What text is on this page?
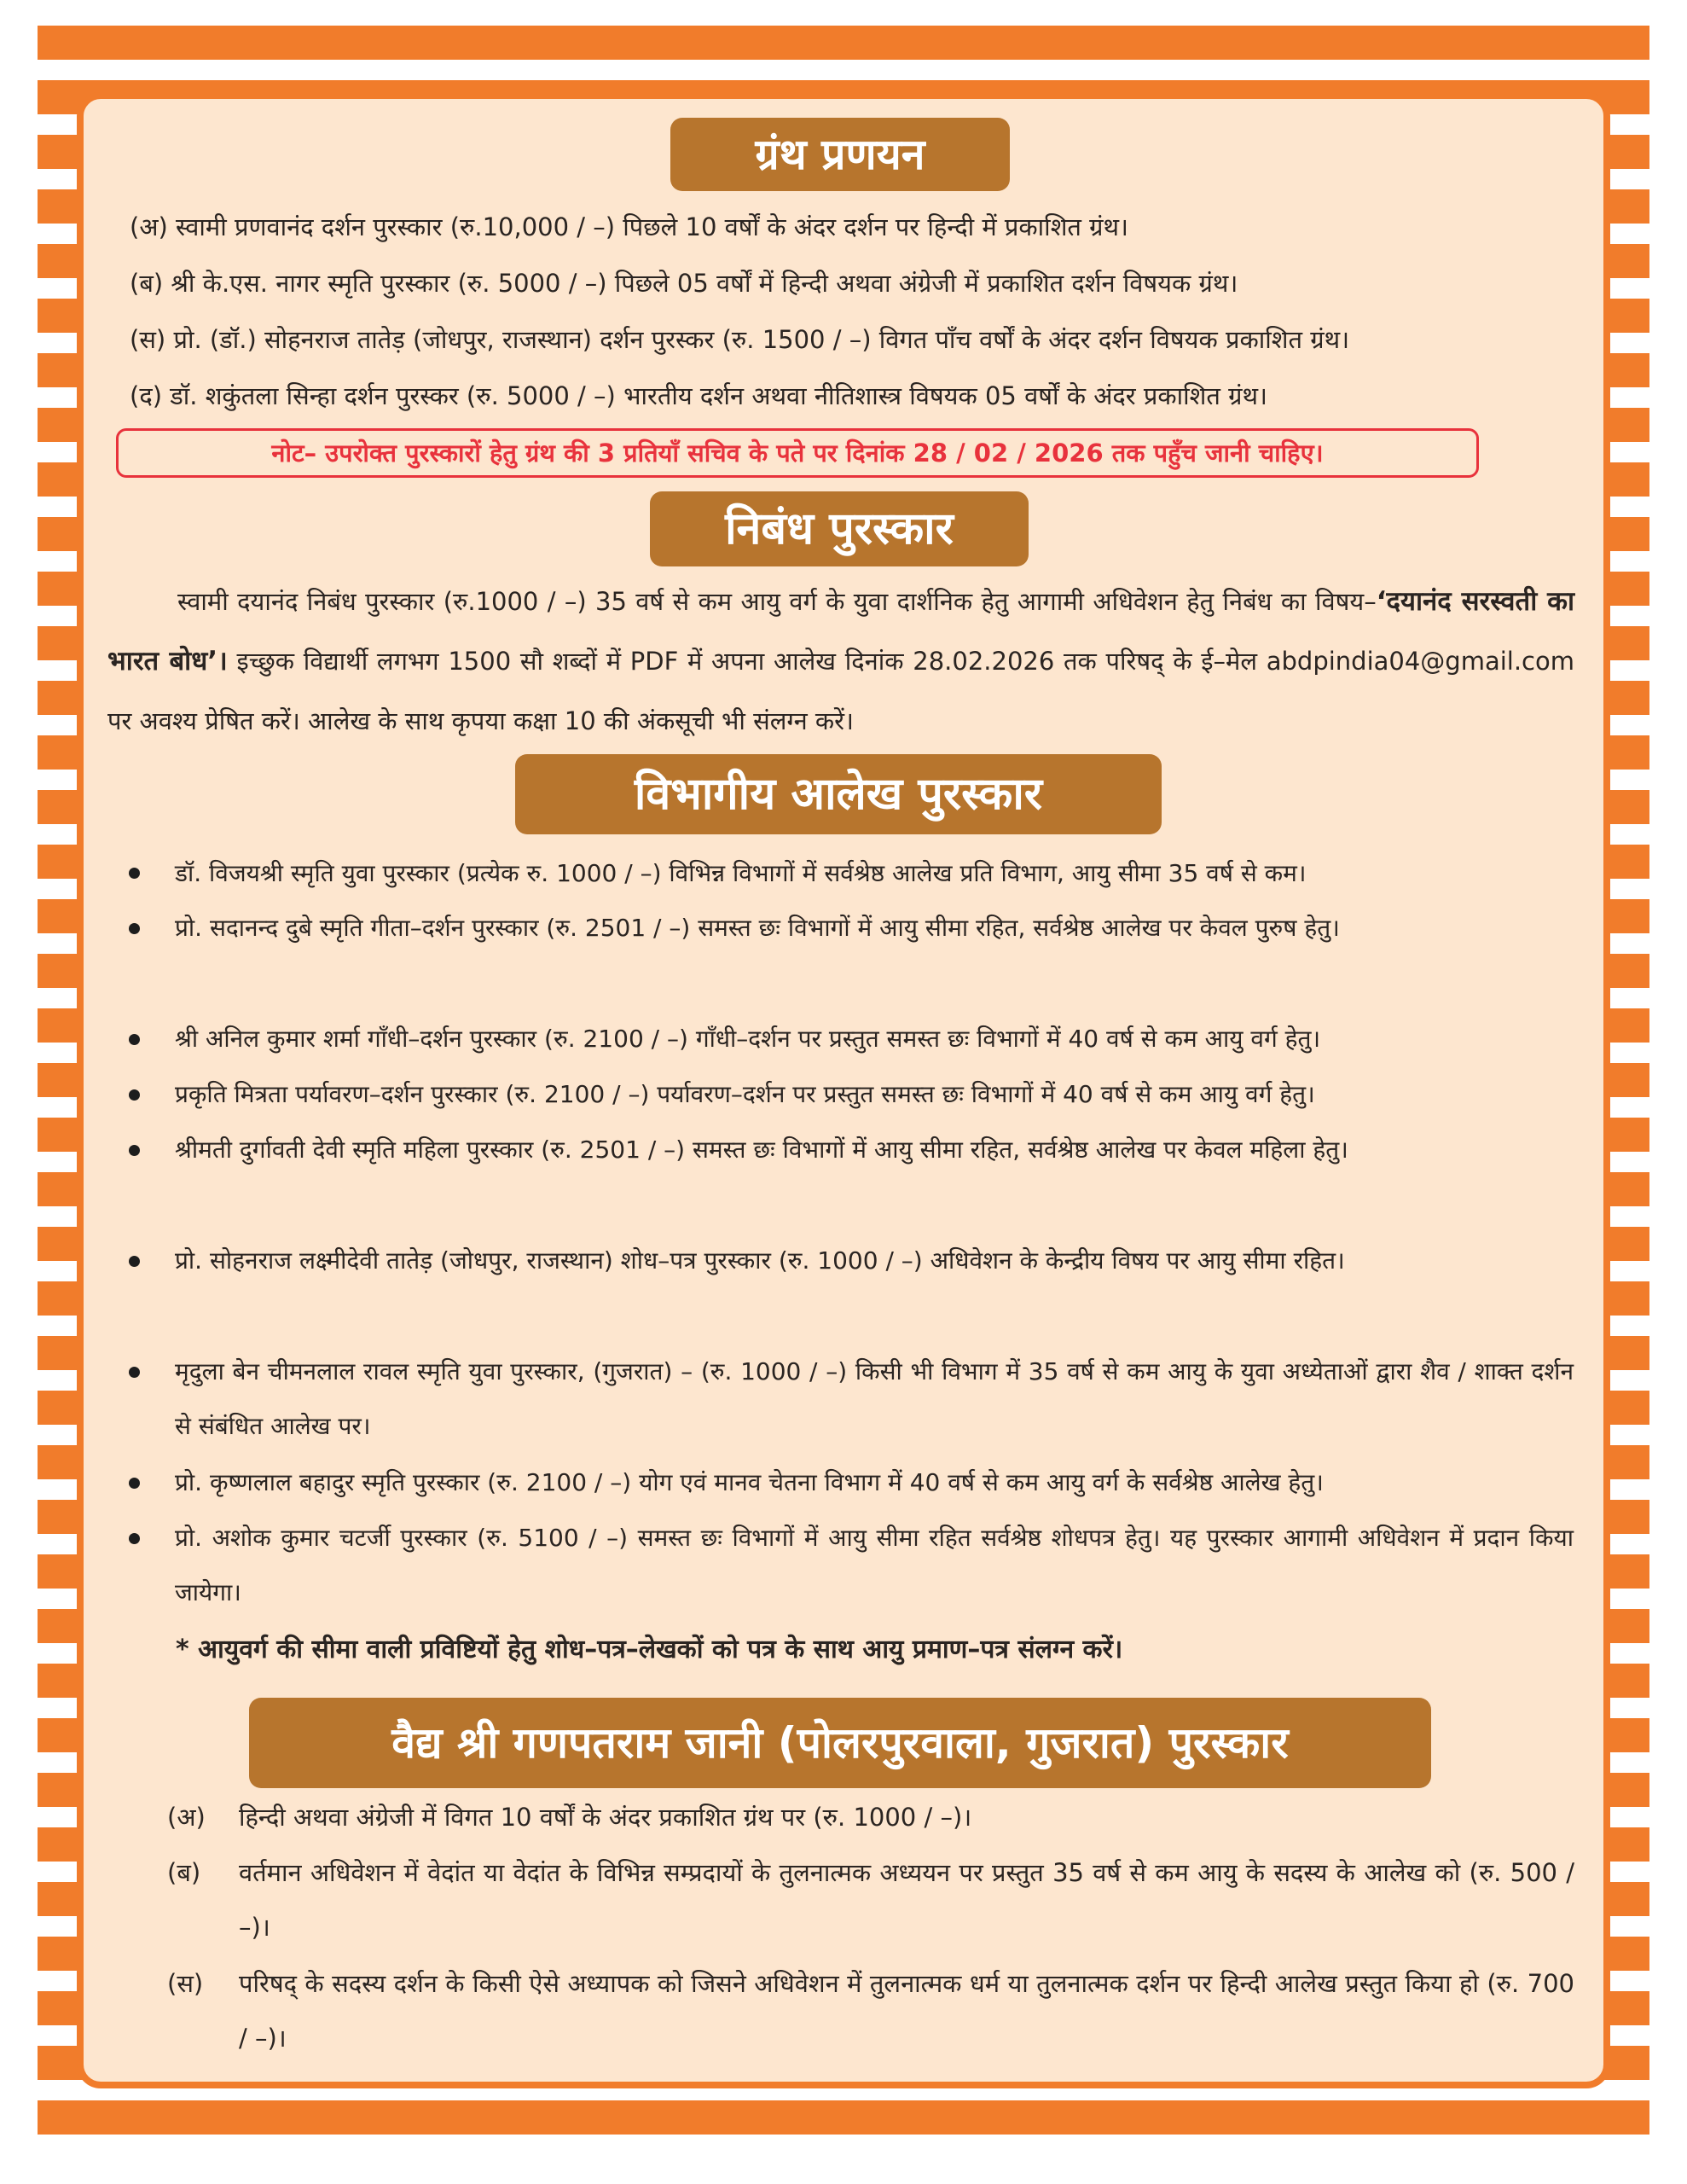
ग्रंथ प्रणयन
(अ) स्वामी प्रणवानंद दर्शन पुरस्कार (रु.10,000 / –) पिछले 10 वर्षों के अंदर दर्शन पर हिन्दी में प्रकाशित ग्रंथ।
(ब) श्री के.एस. नागर स्मृति पुरस्कार (रु. 5000 / –) पिछले 05 वर्षों में हिन्दी अथवा अंग्रेजी में प्रकाशित दर्शन विषयक ग्रंथ।
(स) प्रो. (डॉ.) सोहनराज तातेड़ (जोधपुर, राजस्थान) दर्शन पुरस्कर (रु. 1500 / –) विगत पाँच वर्षों के अंदर दर्शन विषयक प्रकाशित ग्रंथ।
(द) डॉ. शकुंतला सिन्हा दर्शन पुरस्कर (रु. 5000 / –) भारतीय दर्शन अथवा नीतिशास्त्र विषयक 05 वर्षों के अंदर प्रकाशित ग्रंथ।
नोट– उपरोक्त पुरस्कारों हेतु ग्रंथ की 3 प्रतियाँ सचिव के पते पर दिनांक 28 / 02 / 2026 तक पहुँच जानी चाहिए।
निबंध पुरस्कार
स्वामी दयानंद निबंध पुरस्कार (रु.1000 / –) 35 वर्ष से कम आयु वर्ग के युवा दार्शनिक हेतु आगामी अधिवेशन हेतु निबंध का विषय–‘दयानंद सरस्वती का भारत बोध’। इच्छुक विद्यार्थी लगभग 1500 सौ शब्दों में PDF में अपना आलेख दिनांक 28.02.2026 तक परिषद् के ई–मेल abdpindia04@gmail.com पर अवश्य प्रेषित करें। आलेख के साथ कृपया कक्षा 10 की अंकसूची भी संलग्न करें।
विभागीय आलेख पुरस्कार
डॉ. विजयश्री स्मृति युवा पुरस्कार (प्रत्येक रु. 1000 / –) विभिन्न विभागों में सर्वश्रेष्ठ आलेख प्रति विभाग, आयु सीमा 35 वर्ष से कम।
प्रो. सदानन्द दुबे स्मृति गीता–दर्शन पुरस्कार (रु. 2501 / –) समस्त छः विभागों में आयु सीमा रहित, सर्वश्रेष्ठ आलेख पर केवल पुरुष हेतु।
श्री अनिल कुमार शर्मा गाँधी–दर्शन पुरस्कार (रु. 2100 / –) गाँधी–दर्शन पर प्रस्तुत समस्त छः विभागों में 40 वर्ष से कम आयु वर्ग हेतु।
प्रकृति मित्रता पर्यावरण–दर्शन पुरस्कार (रु. 2100 / –) पर्यावरण–दर्शन पर प्रस्तुत समस्त छः विभागों में 40 वर्ष से कम आयु वर्ग हेतु।
श्रीमती दुर्गावती देवी स्मृति महिला पुरस्कार (रु. 2501 / –) समस्त छः विभागों में आयु सीमा रहित, सर्वश्रेष्ठ आलेख पर केवल महिला हेतु।
प्रो. सोहनराज लक्ष्मीदेवी तातेड़ (जोधपुर, राजस्थान) शोध–पत्र पुरस्कार (रु. 1000 / –) अधिवेशन के केन्द्रीय विषय पर आयु सीमा रहित।
मृदुला बेन चीमनलाल रावल स्मृति युवा पुरस्कार, (गुजरात) – (रु. 1000 / –) किसी भी विभाग में 35 वर्ष से कम आयु के युवा अध्येताओं द्वारा शैव / शाक्त दर्शन से संबंधित आलेख पर।
प्रो. कृष्णलाल बहादुर स्मृति पुरस्कार (रु. 2100 / –) योग एवं मानव चेतना विभाग में 40 वर्ष से कम आयु वर्ग के सर्वश्रेष्ठ आलेख हेतु।
प्रो. अशोक कुमार चटर्जी पुरस्कार (रु. 5100 / –) समस्त छः विभागों में आयु सीमा रहित सर्वश्रेष्ठ शोधपत्र हेतु। यह पुरस्कार आगामी अधिवेशन में प्रदान किया जायेगा।
* आयुवर्ग की सीमा वाली प्रविष्टियों हेतु शोध–पत्र–लेखकों को पत्र के साथ आयु प्रमाण–पत्र संलग्न करें।
वैद्य श्री गणपतराम जानी (पोलरपुरवाला, गुजरात) पुरस्कार
(अ) हिन्दी अथवा अंग्रेजी में विगत 10 वर्षों के अंदर प्रकाशित ग्रंथ पर (रु. 1000 / –)।
(ब) वर्तमान अधिवेशन में वेदांत या वेदांत के विभिन्न सम्प्रदायों के तुलनात्मक अध्ययन पर प्रस्तुत 35 वर्ष से कम आयु के सदस्य के आलेख को (रु. 500 / –)।
(स) परिषद् के सदस्य दर्शन के किसी ऐसे अध्यापक को जिसने अधिवेशन में तुलनात्मक धर्म या तुलनात्मक दर्शन पर हिन्दी आलेख प्रस्तुत किया हो (रु. 700 / –)।
